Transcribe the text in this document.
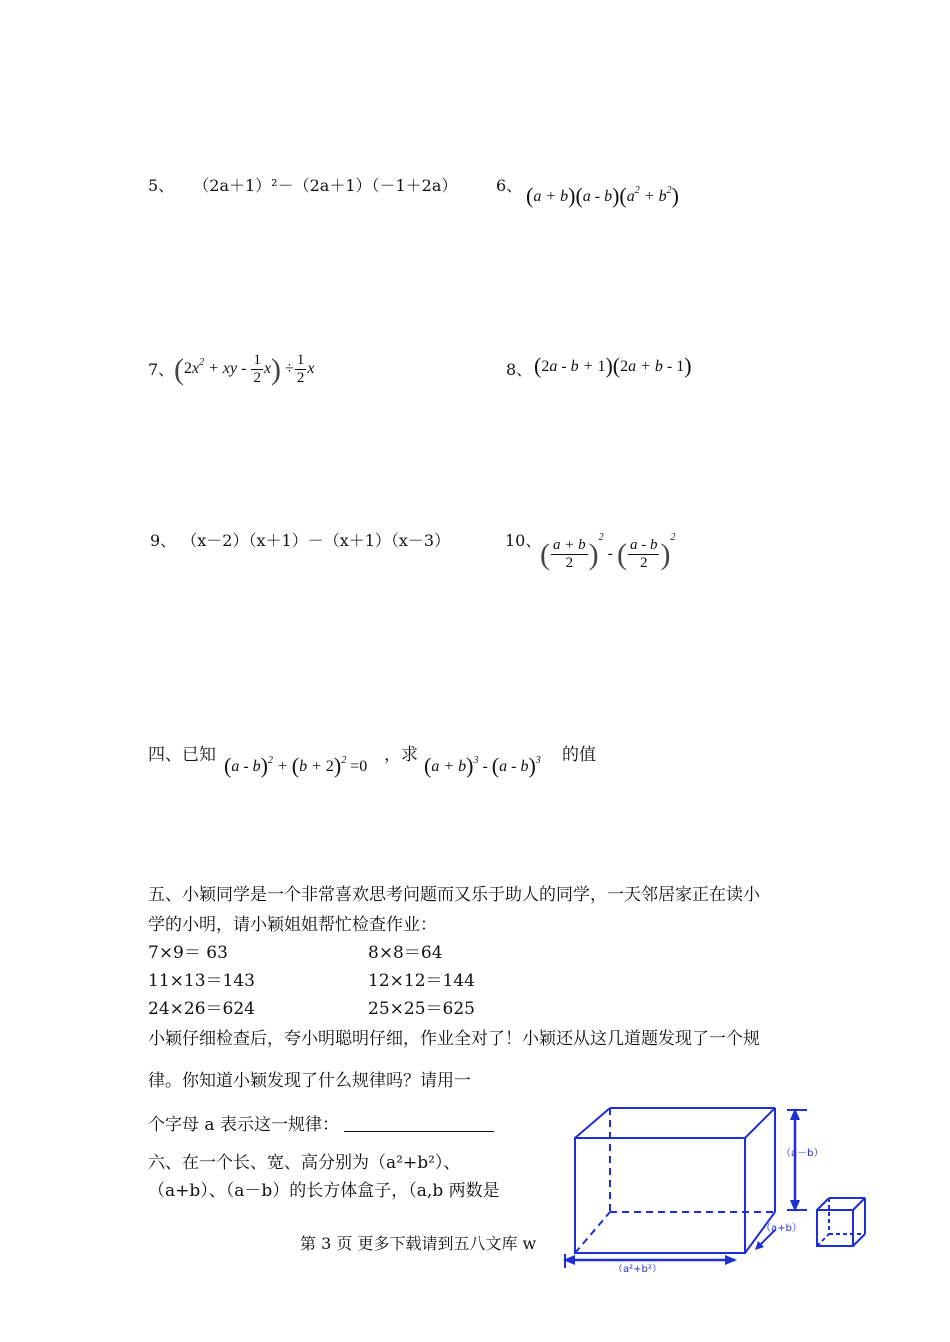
5、 （2a＋1）²－（2a＋1）（－1＋2a） 6、 $(a + b)(a - b)(a^2 + b^2)$
7、 ($2x^2$ + xy - $\frac{1}{2} x) \div \frac{1}{2}$ x	8、 (2a - b + 1)(2a + b - 1)
9、 （x－2）（x＋1）－（x＋1）（x－3）	10、
( $\frac{a + b}{2} )^2$ - ( $\frac{a - b}{2} )^2$
四、已知 $(a - b)^2 + (b + 2)^2 =0$
，求 $(a + b)^3 - (a - b)^3$ 的值
五、小颖同学是一个非常喜欢思考问题而又乐于助人的同学，一天邻居家正在读小
学的小明，请小颖姐姐帮忙检查作业：
7×9＝ 63	8×8＝64
11×13＝143	12×12＝144
24×26＝624	25×25＝625
小颖仔细检查后，夸小明聪明仔细，作业全对了！小颖还从这几道题发现了一个规
律。你知道小颖发现了什么规律吗？请用一
个字母 a 表示这一规律：
六、在一个长、宽、高分别为（a²+b²）、
（a+b）、（a－b）的长方体盒子，（a,b 两数是
第 3 页 更多下载请到五八文库 w
（a－b）
（a+b）
（a²+b²）
